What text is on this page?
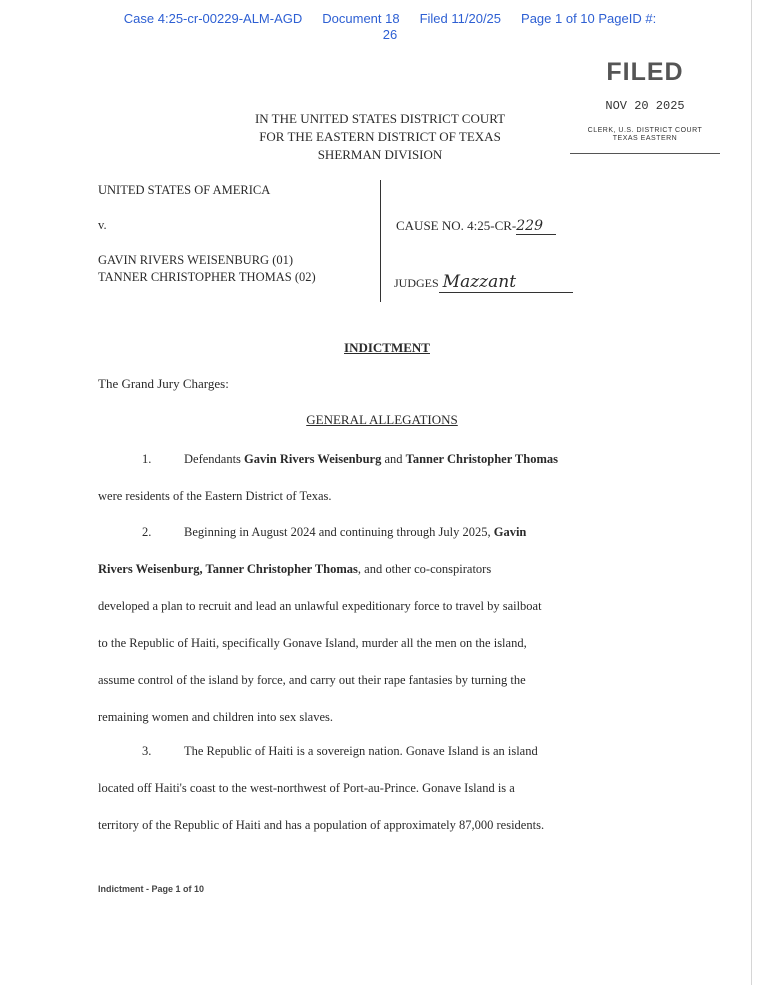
Case 4:25-cr-00229-ALM-AGD Document 18 Filed 11/20/25 Page 1 of 10 PageID #:
26
FILED
NOV 20 2025
CLERK, U.S. DISTRICT COURT
TEXAS EASTERN
IN THE UNITED STATES DISTRICT COURT
FOR THE EASTERN DISTRICT OF TEXAS
SHERMAN DIVISION
UNITED STATES OF AMERICA
v.
GAVIN RIVERS WEISENBURG (01)
TANNER CHRISTOPHER THOMAS (02)
CAUSE NO. 4:25-CR-229
JUDGES Mazzant
INDICTMENT
The Grand Jury Charges:
GENERAL ALLEGATIONS
1.	Defendants Gavin Rivers Weisenburg and Tanner Christopher Thomas
were residents of the Eastern District of Texas.
2.	Beginning in August 2024 and continuing through July 2025, Gavin
Rivers Weisenburg, Tanner Christopher Thomas, and other co-conspirators
developed a plan to recruit and lead an unlawful expeditionary force to travel by sailboat
to the Republic of Haiti, specifically Gonave Island, murder all the men on the island,
assume control of the island by force, and carry out their rape fantasies by turning the
remaining women and children into sex slaves.
3.	The Republic of Haiti is a sovereign nation. Gonave Island is an island
located off Haiti's coast to the west-northwest of Port-au-Prince. Gonave Island is a
territory of the Republic of Haiti and has a population of approximately 87,000 residents.
Indictment - Page 1 of 10
